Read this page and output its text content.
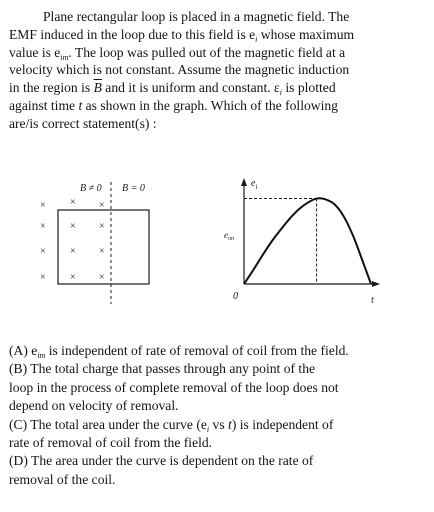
Plane rectangular loop is placed in a magnetic field. The
EMF induced in the loop due to this field is $e_i$ whose maximum
value is $e_{im}$. The loop was pulled out of the magnetic field at a
velocity which is not constant. Assume the magnetic induction
in the region is $\overline{B}$ and it is uniform and constant. $\varepsilon_i$ is plotted
against time t as shown in the graph. Which of the following
are/is correct statement(s) :
B ≠ 0 B = 0
× × ×
× × ×
× × ×
× × ×
$e_i$
t
0
$e_{im}$
(A) $e_{im}$ is independent of rate of removal of coil from the field.
(B) The total charge that passes through any point of the
loop in the process of complete removal of the loop does not
depend on velocity of removal.
(C) The total area under the curve ($e_i$ vs t) is independent of
rate of removal of coil from the field.
(D) The area under the curve is dependent on the rate of
removal of the coil.
